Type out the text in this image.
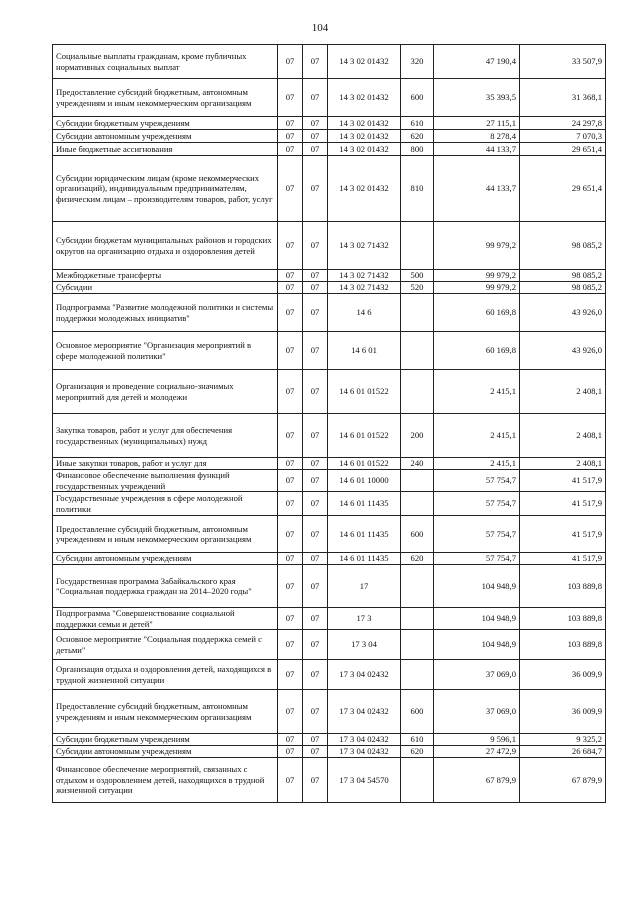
104
Социальные выплаты гражданам, кроме публичных нормативных социальных выплат	07	07	14 3 02 01432	320	47 190,4	33 507,9
Предоставление субсидий бюджетным, автономным учреждениям и иным некоммерческим организациям	07	07	14 3 02 01432	600	35 393,5	31 368,1
Субсидии бюджетным учреждениям	07	07	14 3 02 01432	610	27 115,1	24 297,8
Субсидии автономным учреждениям	07	07	14 3 02 01432	620	8 278,4	7 070,3
Иные бюджетные ассигнования	07	07	14 3 02 01432	800	44 133,7	29 651,4
Субсидии юридическим лицам (кроме некоммерческих организаций), индивидуальным предпринимателям, физическим лицам – производителям товаров, работ, услуг	07	07	14 3 02 01432	810	44 133,7	29 651,4
Субсидии бюджетам муниципальных районов и городских округов на организацию отдыха и оздоровления детей	07	07	14 3 02 71432		99 979,2	98 085,2
Межбюджетные трансферты	07	07	14 3 02 71432	500	99 979,2	98 085,2
Субсидии	07	07	14 3 02 71432	520	99 979,2	98 085,2
Подпрограмма "Развитие молодежной политики и системы поддержки молодежных инициатив"	07	07	14 6		60 169,8	43 926,0
Основное мероприятие "Организация мероприятий в сфере молодежной политики"	07	07	14 6 01		60 169,8	43 926,0
Организация и проведение социально-значимых мероприятий для детей и молодежи	07	07	14 6 01 01522		2 415,1	2 408,1
Закупка товаров, работ и услуг для обеспечения государственных (муниципальных) нужд	07	07	14 6 01 01522	200	2 415,1	2 408,1
Иные закупки товаров, работ и услуг для	07	07	14 6 01 01522	240	2 415,1	2 408,1
Финансовое обеспечение выполнения функций государственных учреждений	07	07	14 6 01 10000		57 754,7	41 517,9
Государственные учреждения в сфере молодежной политики	07	07	14 6 01 11435		57 754,7	41 517,9
Предоставление субсидий бюджетным, автономным учреждениям и иным некоммерческим организациям	07	07	14 6 01 11435	600	57 754,7	41 517,9
Субсидии автономным учреждениям	07	07	14 6 01 11435	620	57 754,7	41 517,9
Государственная программа Забайкальского края "Социальная поддержка граждан на 2014–2020 годы"	07	07	17		104 948,9	103 889,8
Подпрограмма "Совершенствование социальной поддержки семьи и детей"	07	07	17 3		104 948,9	103 889,8
Основное мероприятие "Социальная поддержка семей с детьми"	07	07	17 3 04		104 948,9	103 889,8
Организация отдыха и оздоровления детей, находящихся в трудной жизненной ситуации	07	07	17 3 04 02432		37 069,0	36 009,9
Предоставление субсидий бюджетным, автономным учреждениям и иным некоммерческим организациям	07	07	17 3 04 02432	600	37 069,0	36 009,9
Субсидии бюджетным учреждениям	07	07	17 3 04 02432	610	9 596,1	9 325,2
Субсидии автономным учреждениям	07	07	17 3 04 02432	620	27 472,9	26 684,7
Финансовое обеспечение мероприятий, связанных с отдыхом и оздоровлением детей, находящихся в трудной жизненной ситуации	07	07	17 3 04 54570		67 879,9	67 879,9
